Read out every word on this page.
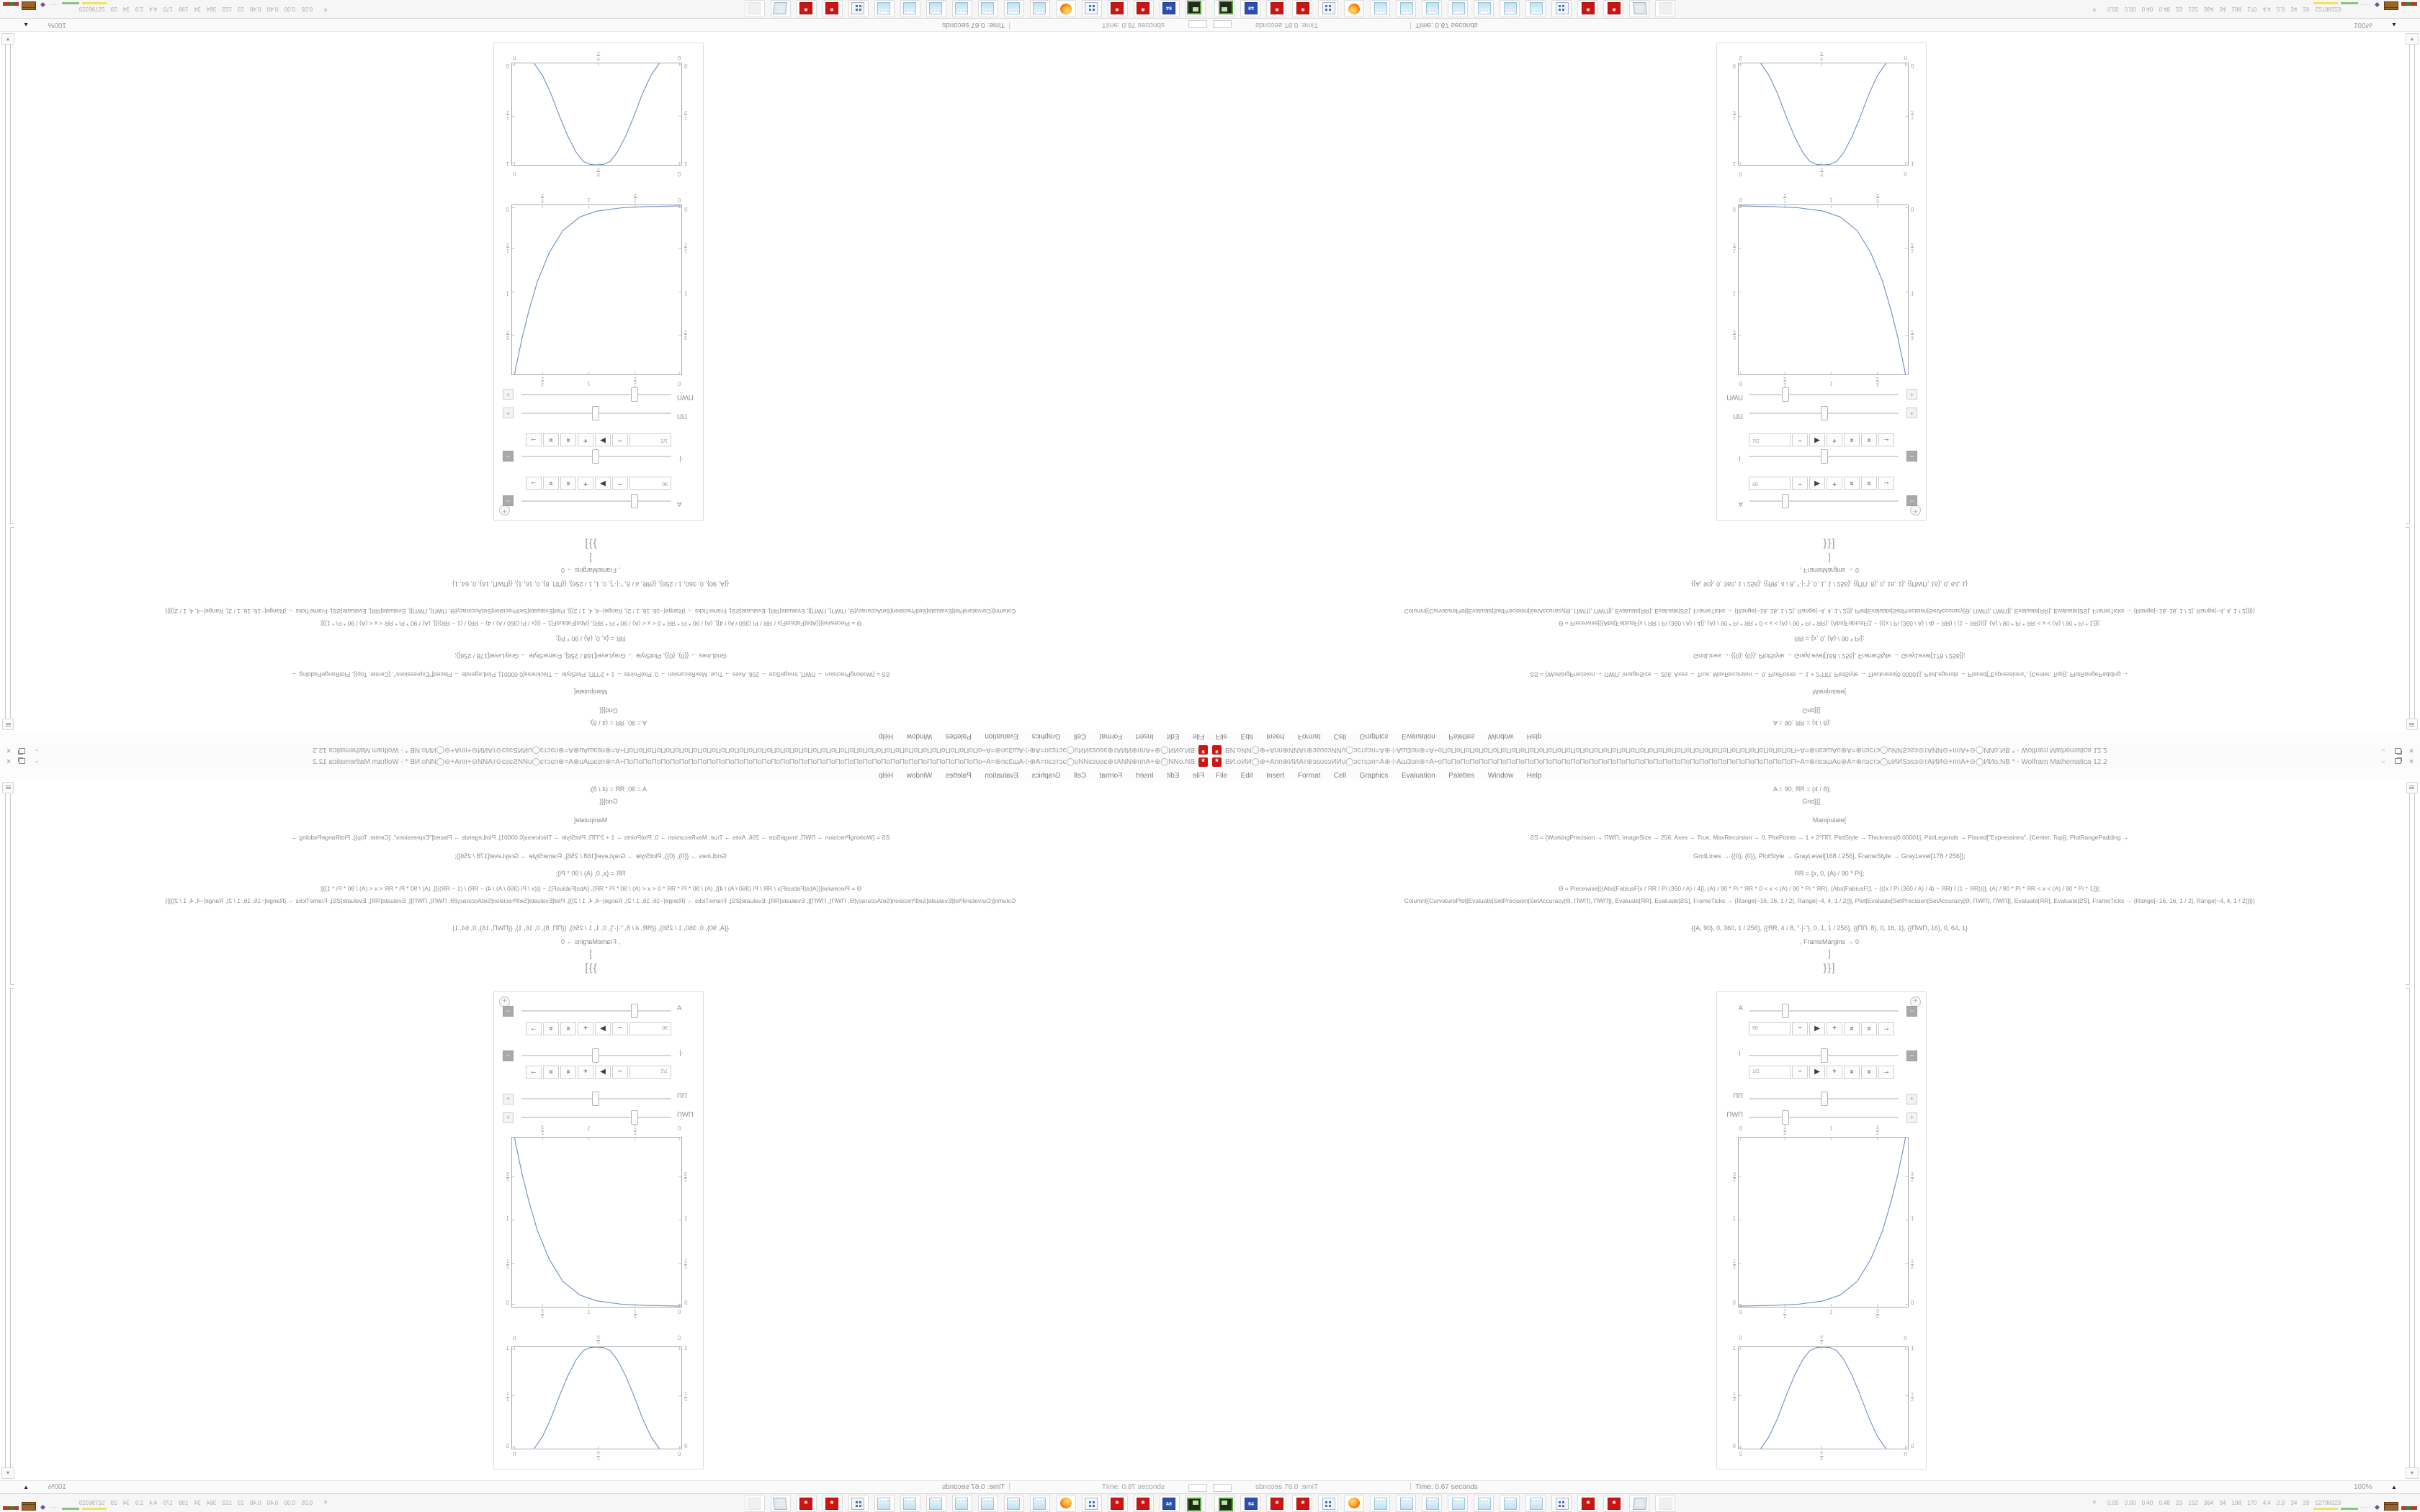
*
ВИ.оИИ◯⊕+Апп⊕ИИАт⊕эѕυѕэИИυ◯эстѕэп=А⊕⊹АшЗэп⊕=А÷оПоПоПоПоПоПоПоПоПоПоПоПоПоПоПоПоПоПоПоПоПоПоПоПоПоПоПоПоПоПоПоПоПоПоПоПоПоПоП÷А=⊕пѕэшАυ⊕А=⊕пэстэ◯υИИЅэѕэ⊝тАИИ⊝+ппА+⊝◯ИИо.NB * - Wolfram Mathematica 12.2
−
×
File Edit Insert Format Cell Graphics Evaluation Palettes Window Help
A = 90; ЯR = (4 / 8);
Grid[{{
Manipulate[
ƧS = {WorkingPrecision → ПWП, ImageSize → 256, Axes → True, MaxRecursion → 0, PlotPoints → 1 + 2^ПП, PlotStyle → Thickness[0.00001], PlotLegends → Placed["Expressions", {Center, Top}], PlotRangePadding →
GridLines → {{0}, {0}}, PlotStyle → GrayLevel[168 / 256], FrameStyle → GrayLevel[178 / 256]};
ЯR = {x, 0, (A) / 90 * Pi};
Ɵ = Piecewise[{{Abs[FabiusF[x / ЯR / Pi (360 / A) / 4]], (A) / 90 * Pi * ЯR * 0 < x < (A) / 90 * Pi * ЯR}, {Abs[FabiusF[1 − (((x / Pi (360 / A) / 4) − ЯR) / (1 − ЯR))]], (A) / 90 * Pi * ЯR < x < (A) / 90 * Pi * 1}}];
Column[{CurvaturePlot[Evaluate[SetPrecision[SetAccuracy[Ɵ, ПWП], ПWП]], Evaluate[ЯR], Evaluate[ƧS], FrameTicks → {Range[−16, 16, 1 / 2], Range[−4, 4, 1 / 2]}], Plot[Evaluate[SetPrecision[SetAccuracy[Ɵ, ПWП], ПWП]], Evaluate[ЯR], Evaluate[ƧS], FrameTicks → {Range[−16, 16, 1 / 2], Range[−4, 4, 1 / 2]}]}]
,
{{A, 90}, 0, 360, 1 / 256}, {{ЯR, 4 / 8, "·|·"}, 0, 1, 1 / 256}, {{ПП, 8}, 0, 16, 1}, {{ПWП, 16}, 0, 64, 1}
, FrameMargins → 0
]
}}]
▾
+
A
−
90
−▶+«»→
·|·
−
1/2
−▶+«»→
ПП
+
ПWП
+
0
0
1
2
1
2
1
1
3
2
3
2
3
2
3
2
1
1
1
2
1
2
0
0
0
0
π
2
π
2
π
π
1
1
1
2
1
2
0
0
sbnoɔɘs 76.0 :ɘmiT
|
Time: 0.67 seconds
100%
▲
64
*
*
*
*
«
0.05 0.00 0.40 0.48 23 152 364 34 198 170 4.4 2.9 34 29 52796323
····
* ВИ.оИИ◯⊕+Апп⊕ИИАт⊕эѕυѕэИИυ◯эстѕэп=А⊕⊹АшЗэп⊕=А÷оПоПоПоПоПоПоПоПоПоПоПоПоПоПоПоПоПоПоПоПоПоПоПоПоПоПоПоПоПоПоПоПоПоПоПоПоПоПоП÷А=⊕пѕэшАυ⊕А=⊕пэстэ◯υИИЅэѕэ⊝тАИИ⊝+ппА+⊝◯ИИо.NB * - Wolfram Mathematica 12.2	−	×
File Edit Insert Format Cell Graphics Evaluation Palettes Window Help
A = 90; ЯR = (4 / 8);
Grid[{{
Manipulate[
ƧS = {WorkingPrecision → ПWП, ImageSize → 256, Axes → True, MaxRecursion → 0, PlotPoints → 1 + 2^ПП, PlotStyle → Thickness[0.00001], PlotLegends → Placed["Expressions", {Center, Top}], PlotRangePadding →
GridLines → {{0}, {0}}, PlotStyle → GrayLevel[168 / 256], FrameStyle → GrayLevel[178 / 256]};
ЯR = {x, 0, (A) / 90 * Pi};
Ɵ = Piecewise[{{Abs[FabiusF[x / ЯR / Pi (360 / A) / 4]], (A) / 90 * Pi * ЯR * 0 < x < (A) / 90 * Pi * ЯR}, {Abs[FabiusF[1 − (((x / Pi (360 / A) / 4) − ЯR) / (1 − ЯR))]], (A) / 90 * Pi * ЯR < x < (A) / 90 * Pi * 1}}];
Column[{CurvaturePlot[Evaluate[SetPrecision[SetAccuracy[Ɵ, ПWП], ПWП]], Evaluate[ЯR], Evaluate[ƧS], FrameTicks → {Range[−16, 16, 1 / 2], Range[−4, 4, 1 / 2]}], Plot[Evaluate[SetPrecision[SetAccuracy[Ɵ, ПWП], ПWП]], Evaluate[ЯR], Evaluate[ƧS], FrameTicks → {Range[−16, 16, 1 / 2], Range[−4, 4, 1 / 2]}]}]
,
{{A, 90}, 0, 360, 1 / 256}, {{ЯR, 4 / 8, "·|·"}, 0, 1, 1 / 256}, {{ПП, 8}, 0, 16, 1}, {{ПWП, 16}, 0, 64, 1}
, FrameMargins → 0
]
}}]
▾
+
A	−
90	− ▶ + « » →
·|·	−
1/2	− ▶ + « » →
ПП	+
ПWП	+
0
0
1
2
1
2
1
1
3
2
3
2
3
2
3
2
1	1
1
2
1
2
0	0
0
0
π
2
π
2
π
π
1	1
1
2
1
2
0	0
sbnoɔɘs 76.0 :ɘmiT	| Time: 0.67 seconds	100%	▲
64	*	*	*	*	« 0.05 0.00 0.40 0.48 23 152 364 34 198 170 4.4 2.9 34 29 52796323
····
*
ВИ.оИИ◯⊕+Апп⊕ИИАт⊕эѕυѕэИИυ◯эстѕэп=А⊕⊹АшЗэп⊕=А÷оПоПоПоПоПоПоПоПоПоПоПоПоПоПоПоПоПоПоПоПоПоПоПоПоПоПоПоПоПоПоПоПоПоПоПоПоПоПоП÷А=⊕пѕэшАυ⊕А=⊕пэстэ◯υИИЅэѕэ⊝тАИИ⊝+ппА+⊝◯ИИо.NB * - Wolfram Mathematica 12.2
−
×
File Edit Insert Format Cell Graphics Evaluation Palettes Window Help
A = 90; ЯR = (4 / 8);
Grid[{{
Manipulate[
ƧS = {WorkingPrecision → ПWП, ImageSize → 256, Axes → True, MaxRecursion → 0, PlotPoints → 1 + 2^ПП, PlotStyle → Thickness[0.00001], PlotLegends → Placed["Expressions", {Center, Top}], PlotRangePadding →
GridLines → {{0}, {0}}, PlotStyle → GrayLevel[168 / 256], FrameStyle → GrayLevel[178 / 256]};
ЯR = {x, 0, (A) / 90 * Pi};
Ɵ = Piecewise[{{Abs[FabiusF[x / ЯR / Pi (360 / A) / 4]], (A) / 90 * Pi * ЯR * 0 < x < (A) / 90 * Pi * ЯR}, {Abs[FabiusF[1 − (((x / Pi (360 / A) / 4) − ЯR) / (1 − ЯR))]], (A) / 90 * Pi * ЯR < x < (A) / 90 * Pi * 1}}];
Column[{CurvaturePlot[Evaluate[SetPrecision[SetAccuracy[Ɵ, ПWП], ПWП]], Evaluate[ЯR], Evaluate[ƧS], FrameTicks → {Range[−16, 16, 1 / 2], Range[−4, 4, 1 / 2]}], Plot[Evaluate[SetPrecision[SetAccuracy[Ɵ, ПWП], ПWП]], Evaluate[ЯR], Evaluate[ƧS], FrameTicks → {Range[−16, 16, 1 / 2], Range[−4, 4, 1 / 2]}]}]
,
{{A, 90}, 0, 360, 1 / 256}, {{ЯR, 4 / 8, "·|·"}, 0, 1, 1 / 256}, {{ПП, 8}, 0, 16, 1}, {{ПWП, 16}, 0, 64, 1}
, FrameMargins → 0
]
}}]
▾
+
A
−
90
−▶+«»→
·|·
−
1/2
−▶+«»→
ПП
+
ПWП
+
0
0
$\frac{1}{2}$
$\frac{1}{2}$
1
1
$\frac{3}{2}$
$\frac{3}{2}$
$\frac{3}{2}$
$\frac{3}{2}$
1
1
$\frac{1}{2}$
$\frac{1}{2}$
0
0
0
0
$\frac{\pi}{2}$
$\frac{\pi}{2}$
π
π
1
1
$\frac{1}{2}$
$\frac{1}{2}$
0
0
sbnoɔɘs 76.0 :ɘmiT
|
Time: 0.67 seconds
100%
▲
64
*
*
*
*
«
0.05 0.00 0.40 0.48 23 152 364 34 198 170 4.4 2.9 34 29 52796323
····
* ВИ.оИИ◯⊕+Апп⊕ИИАт⊕эѕυѕэИИυ◯эстѕэп=А⊕⊹АшЗэп⊕=А÷оПоПоПоПоПоПоПоПоПоПоПоПоПоПоПоПоПоПоПоПоПоПоПоПоПоПоПоПоПоПоПоПоПоПоПоПоПоПоП÷А=⊕пѕэшАυ⊕А=⊕пэстэ◯υИИЅэѕэ⊝тАИИ⊝+ппА+⊝◯ИИо.NB * - Wolfram Mathematica 12.2	−	×
File Edit Insert Format Cell Graphics Evaluation Palettes Window Help
A = 90; ЯR = (4 / 8);
Grid[{{
Manipulate[
ƧS = {WorkingPrecision → ПWП, ImageSize → 256, Axes → True, MaxRecursion → 0, PlotPoints → 1 + 2^ПП, PlotStyle → Thickness[0.00001], PlotLegends → Placed["Expressions", {Center, Top}], PlotRangePadding →
GridLines → {{0}, {0}}, PlotStyle → GrayLevel[168 / 256], FrameStyle → GrayLevel[178 / 256]};
ЯR = {x, 0, (A) / 90 * Pi};
Ɵ = Piecewise[{{Abs[FabiusF[x / ЯR / Pi (360 / A) / 4]], (A) / 90 * Pi * ЯR * 0 < x < (A) / 90 * Pi * ЯR}, {Abs[FabiusF[1 − (((x / Pi (360 / A) / 4) − ЯR) / (1 − ЯR))]], (A) / 90 * Pi * ЯR < x < (A) / 90 * Pi * 1}}];
Column[{CurvaturePlot[Evaluate[SetPrecision[SetAccuracy[Ɵ, ПWП], ПWП]], Evaluate[ЯR], Evaluate[ƧS], FrameTicks → {Range[−16, 16, 1 / 2], Range[−4, 4, 1 / 2]}], Plot[Evaluate[SetPrecision[SetAccuracy[Ɵ, ПWП], ПWП]], Evaluate[ЯR], Evaluate[ƧS], FrameTicks → {Range[−16, 16, 1 / 2], Range[−4, 4, 1 / 2]}]}]
,
{{A, 90}, 0, 360, 1 / 256}, {{ЯR, 4 / 8, "·|·"}, 0, 1, 1 / 256}, {{ПП, 8}, 0, 16, 1}, {{ПWП, 16}, 0, 64, 1}
, FrameMargins → 0
]
}}]
▾
+
A	−
90	− ▶ + « » →
·|·	−
1/2	− ▶ + « » →
ПП	+
ПWП	+
0
0
$\frac{1}{2}$
$\frac{1}{2}$
1
1
$\frac{3}{2}$
$\frac{3}{2}$
$\frac{3}{2}$	$\frac{3}{2}$
1	1
$\frac{1}{2}$	$\frac{1}{2}$
0	0
0
0
$\frac{\pi}{2}$
$\frac{\pi}{2}$
π
π
1	1
$\frac{1}{2}$	$\frac{1}{2}$
0	0
sbnoɔɘs 76.0 :ɘmiT	| Time: 0.67 seconds	100%	▲
64	*	*	*	*	« 0.05 0.00 0.40 0.48 23 152 364 34 198 170 4.4 2.9 34 29 52796323
····
